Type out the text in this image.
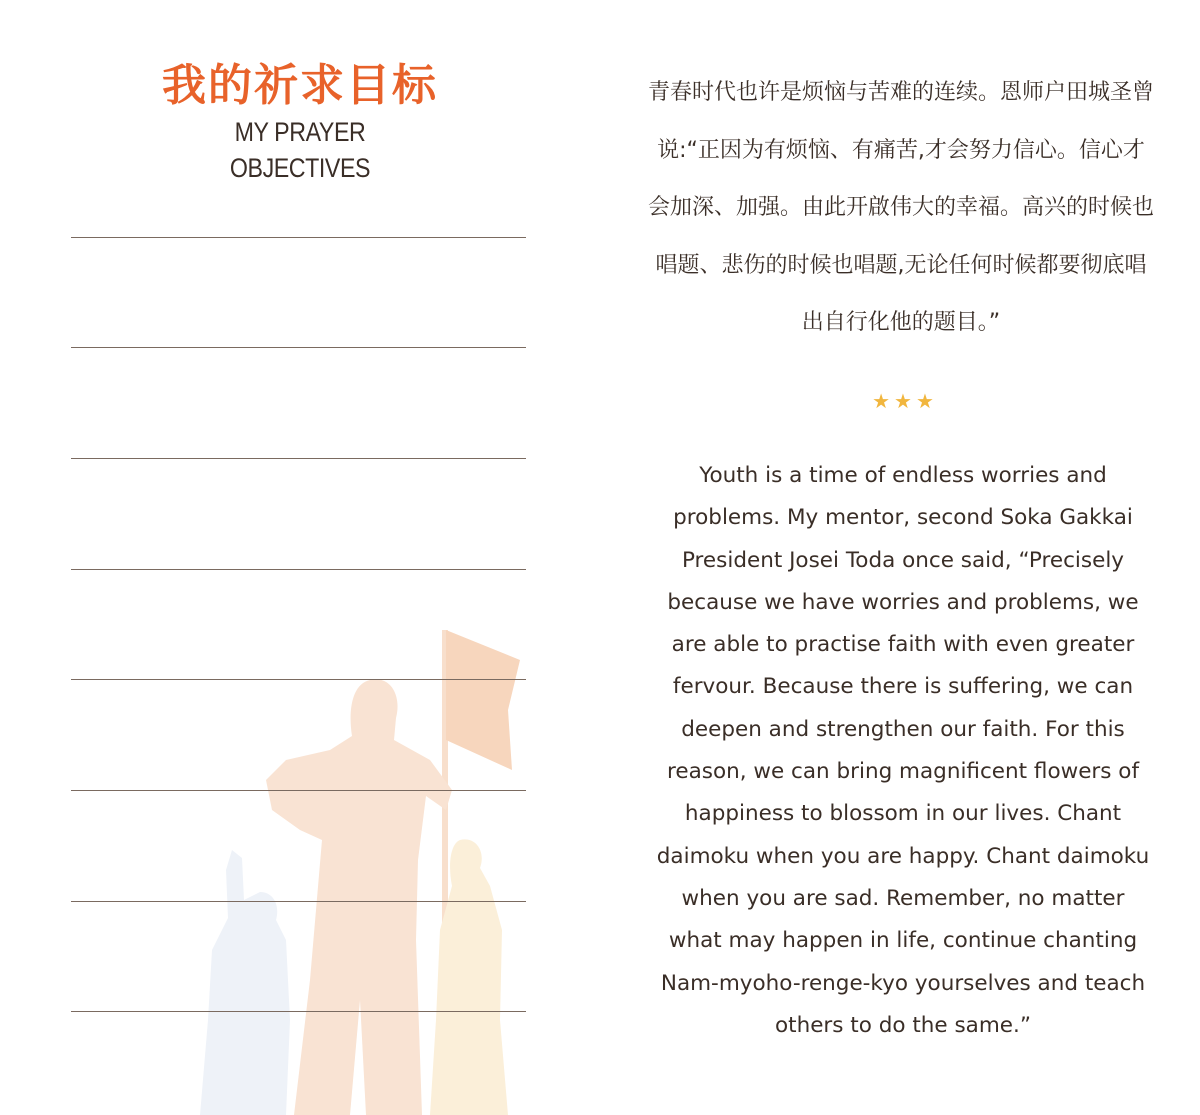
我的祈求目标
MY PRAYER OBJECTIVES
青春时代也许是烦恼与苦难的连续。恩师户田城圣曾说:“正因为有烦恼、有痛苦,才会努力信心。信心才会加深、加强。由此开啟伟大的幸福。高兴的时候也唱题、悲伤的时候也唱题,无论任何时候都要彻底唱出自行化他的题目。”
★★★
Youth is a time of endless worries and problems. My mentor, second Soka Gakkai President Josei Toda once said, “Precisely because we have worries and problems, we are able to practise faith with even greater fervour. Because there is suffering, we can deepen and strengthen our faith. For this reason, we can bring magnificent flowers of happiness to blossom in our lives. Chant daimoku when you are happy. Chant daimoku when you are sad. Remember, no matter what may happen in life, continue chanting Nam-myoho-renge-kyo yourselves and teach others to do the same.”
